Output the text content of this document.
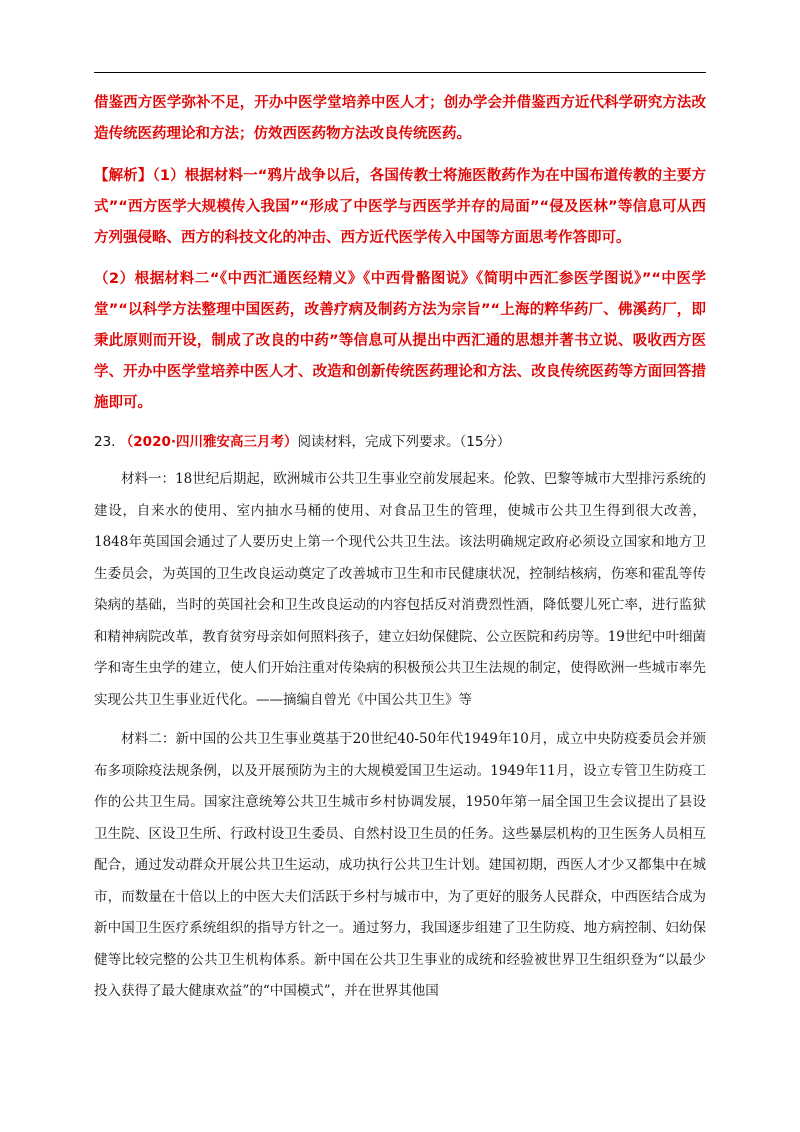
借鉴西方医学弥补不足，开办中医学堂培养中医人才；创办学会并借鉴西方近代科学研究方法改造传统医药理论和方法；仿效西医药物方法改良传统医药。

【解析】（1）根据材料一“鸦片战争以后，各国传教士将施医散药作为在中国布道传教的主要方式”“西方医学大规模传入我国”“形成了中医学与西医学并存的局面”“侵及医林”等信息可从西方列强侵略、西方的科技文化的冲击、西方近代医学传入中国等方面思考作答即可。

（2）根据材料二“《中西汇通医经精义》《中西骨骼图说》《简明中西汇参医学图说》”“中医学堂”“以科学方法整理中国医药，改善疗病及制药方法为宗旨”“上海的粹华药厂、佛溪药厂，即秉此原则而开设，制成了改良的中药”等信息可从提出中西汇通的思想并著书立说、吸收西方医学、开办中医学堂培养中医人才、改造和创新传统医药理论和方法、改良传统医药等方面回答措施即可。

23. （2020·四川雅安高三月考）阅读材料，完成下列要求。（15分）

材料一：18世纪后期起，欧洲城市公共卫生事业空前发展起来。伦敦、巴黎等城市大型排污系统的建设，自来水的使用、室内抽水马桶的使用、对食品卫生的管理，使城市公共卫生得到很大改善，1848年英国国会通过了人要历史上第一个现代公共卫生法。该法明确规定政府必须设立国家和地方卫生委员会，为英国的卫生改良运动奠定了改善城市卫生和市民健康状况，控制结核病，伤寒和霍乱等传染病的基础，当时的英国社会和卫生改良运动的内容包括反对消费烈性酒，降低婴儿死亡率，进行监狱和精神病院改革，教育贫穷母亲如何照料孩子，建立妇幼保健院、公立医院和药房等。19世纪中叶细菌学和寄生虫学的建立，使人们开始注重对传染病的积极预公共卫生法规的制定，使得欧洲一些城市率先实现公共卫生事业近代化。——摘编自曾光《中国公共卫生》等

材料二：新中国的公共卫生事业奠基于20世纪40-50年代1949年10月，成立中央防疫委员会并颁布多项除疫法规条例，以及开展预防为主的大规模爱国卫生运动。1949年11月，设立专管卫生防疫工作的公共卫生局。国家注意统筹公共卫生城市乡村协调发展，1950年第一届全国卫生会议提出了县设卫生院、区设卫生所、行政村设卫生委员、自然村设卫生员的任务。这些暴层机构的卫生医务人员相互配合，通过发动群众开展公共卫生运动，成功执行公共卫生计划。建国初期，西医人才少又都集中在城市，而数量在十倍以上的中医大夫们活跃于乡村与城市中，为了更好的服务人民群众，中西医结合成为新中国卫生医疗系统组织的指导方针之一。通过努力，我国逐步组建了卫生防疫、地方病控制、妇幼保健等比较完整的公共卫生机构体系。新中国在公共卫生事业的成统和经验被世界卫生组织登为“以最少投入获得了最大健康欢益”的“中国模式”，并在世界其他国
